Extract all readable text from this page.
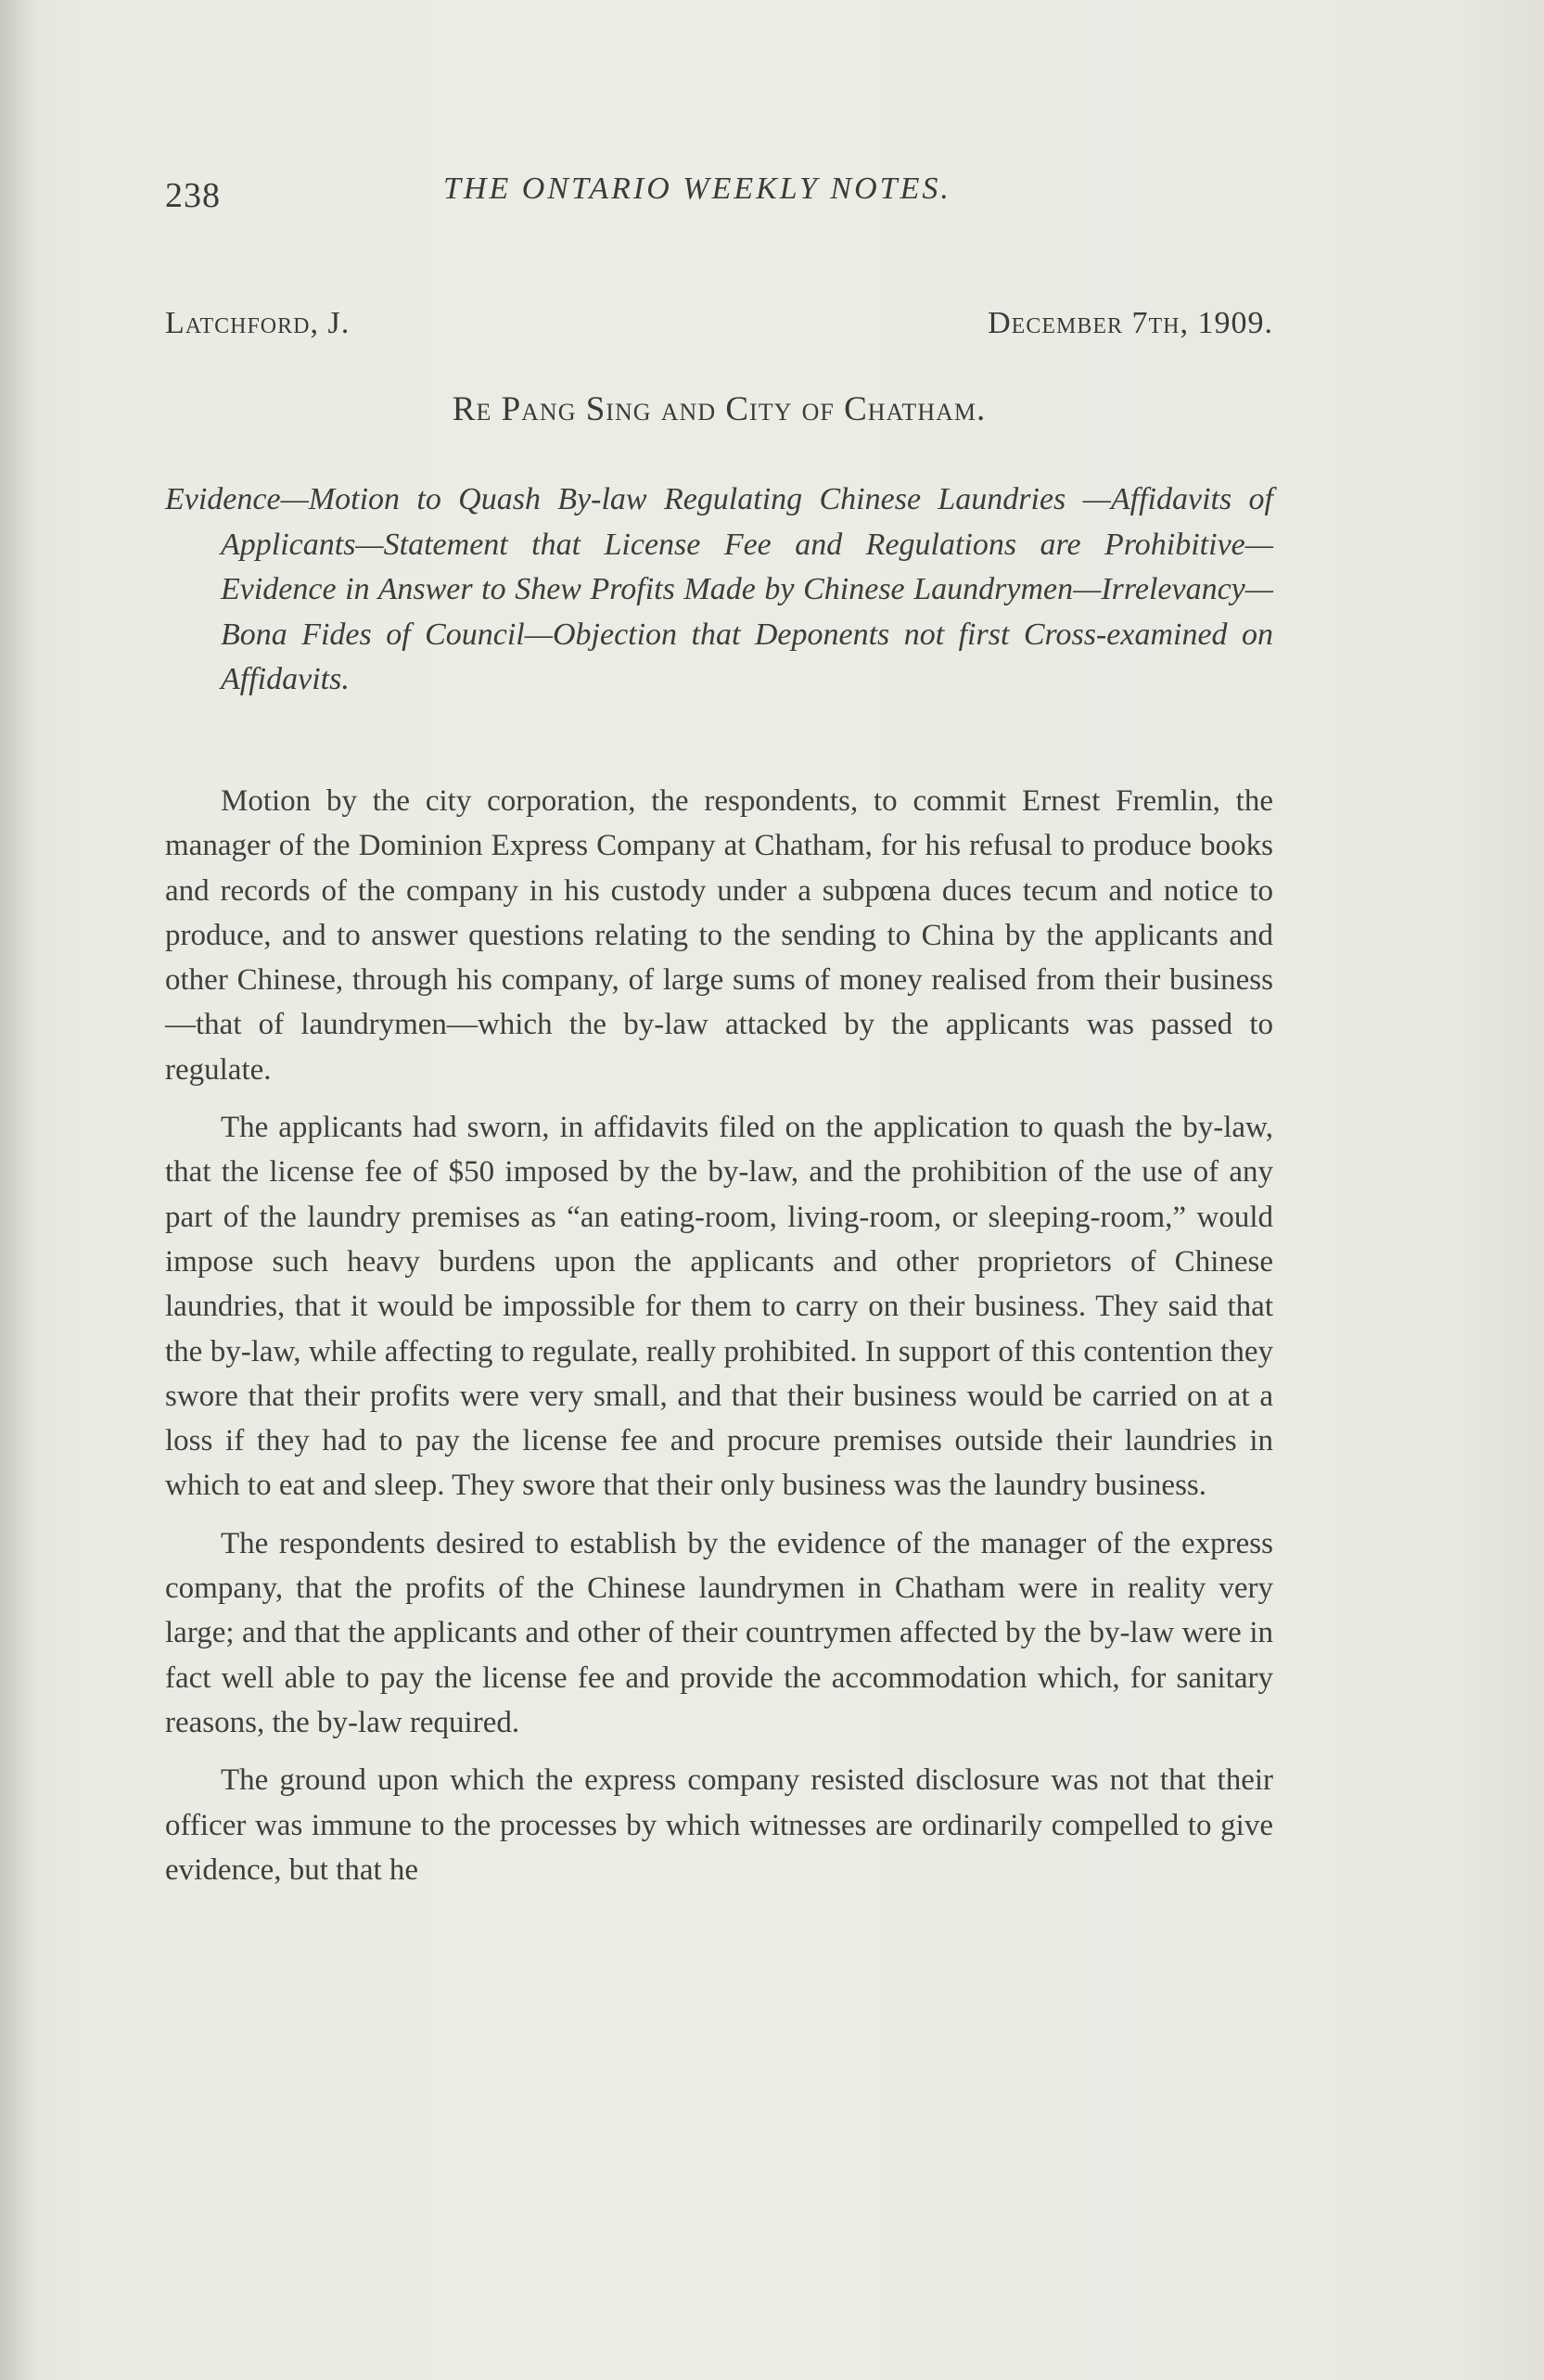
238	THE ONTARIO WEEKLY NOTES.
Latchford, J.	December 7th, 1909.
Re Pang Sing and City of Chatham.
Evidence—Motion to Quash By-law Regulating Chinese Laundries —Affidavits of Applicants—Statement that License Fee and Regulations are Prohibitive—Evidence in Answer to Shew Profits Made by Chinese Laundrymen—Irrelevancy—Bona Fides of Council—Objection that Deponents not first Cross-examined on Affidavits.

Motion by the city corporation, the respondents, to commit Ernest Fremlin, the manager of the Dominion Express Company at Chatham, for his refusal to produce books and records of the company in his custody under a subpœna duces tecum and notice to produce, and to answer questions relating to the sending to China by the applicants and other Chinese, through his company, of large sums of money realised from their business—that of laundrymen—which the by-law attacked by the applicants was passed to regulate.

The applicants had sworn, in affidavits filed on the application to quash the by-law, that the license fee of $50 imposed by the by-law, and the prohibition of the use of any part of the laundry premises as “an eating-room, living-room, or sleeping-room,” would impose such heavy burdens upon the applicants and other proprietors of Chinese laundries, that it would be impossible for them to carry on their business. They said that the by-law, while affecting to regulate, really prohibited. In support of this contention they swore that their profits were very small, and that their business would be carried on at a loss if they had to pay the license fee and procure premises outside their laundries in which to eat and sleep. They swore that their only business was the laundry business.

The respondents desired to establish by the evidence of the manager of the express company, that the profits of the Chinese laundrymen in Chatham were in reality very large; and that the applicants and other of their countrymen affected by the by-law were in fact well able to pay the license fee and provide the accommodation which, for sanitary reasons, the by-law required.

The ground upon which the express company resisted disclosure was not that their officer was immune to the processes by which witnesses are ordinarily compelled to give evidence, but that he
